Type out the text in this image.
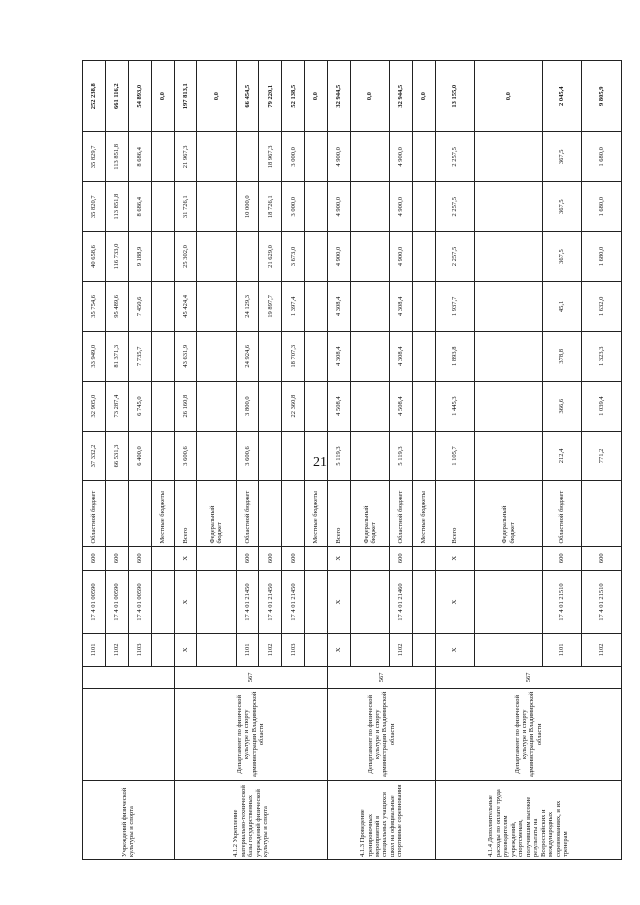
21
Учреждений физической культуры и спорта			1101	17 4 01 00590	600	Областной бюджет	37 332,2	32 905,0	33 949,0	35 754,6	40 658,6	35 820,7	35 829,7	252 238,8
			1102	17 4 01 00590	600		66 531,3	73 287,4	81 371,3	95 489,6	116 733,0	113 851,8	113 851,8	661 116,2
			1103	17 4 01 00590	600		6 400,0	6 745,0	7 735,7	7 450,6	9 188,9	8 686,4	8 686,4	54 893,0
						Местные бюджеты								0,0
4.1.2 Укрепление материально-технической базы государственных учреждений физической культуры и спорта	Департамент по физической культуре и спорту администрации Владимирской области	567	Х	Х	Х	Всего	3 600,6	26 160,8	43 631,9	45 424,4	25 302,0	31 726,1	21 967,3	197 813,1
						Федеральный бюджет								0,0
			1101	17 4 01 21450	600	Областной бюджет	3 600,6	3 800,0	24 924,6	24 129,3		10 000,0		66 454,5
			1102	17 4 01 21450	600					19 897,7	21 629,0	18 726,1	18 967,3	79 220,1
			1103	17 4 01 21450	600			22 360,8	18 707,3	1 397,4	3 673,0	3 000,0	3 000,0	52 138,5
						Местные бюджеты								0,0
4.1.3 Проведение тренировочных мероприятий в специальных учащихся школ на официальные спортивные соревнования	Департамент по физической культуре и спорту администрации Владимирской области	567	Х	Х	Х	Всего	5 119,3	4 508,4	4 308,4	4 308,4	4 900,0	4 900,0	4 900,0	32 944,5
						Федеральный бюджет								0,0
			1102	17 4 01 21460	600	Областной бюджет	5 119,3	4 508,4	4 308,4	4 308,4	4 900,0	4 900,0	4 900,0	32 944,5
						Местные бюджеты								0,0
4.1.4 Дополнительные расходы по оплате труда руководителям учреждений, спортсменам, получившим высокие результаты на Всероссийских и международных соревнованиях, и их тренерам	Департамент по физической культуре и спорту администрации Владимирской области	567	Х	Х	Х	Всего	1 105,7	1 445,3	1 893,8	1 937,7	2 257,5	2 257,5	2 257,5	13 155,0
						Федеральный бюджет								0,0
			1101	17 4 01 21510	600	Областной бюджет	212,4	366,6	378,8	45,1	367,5	367,5	367,5	2 045,4
			1102	17 4 01 21510	600		771,2	1 039,4	1 323,3	1 632,0	1 680,0	1 680,0	1 680,0	9 805,9
